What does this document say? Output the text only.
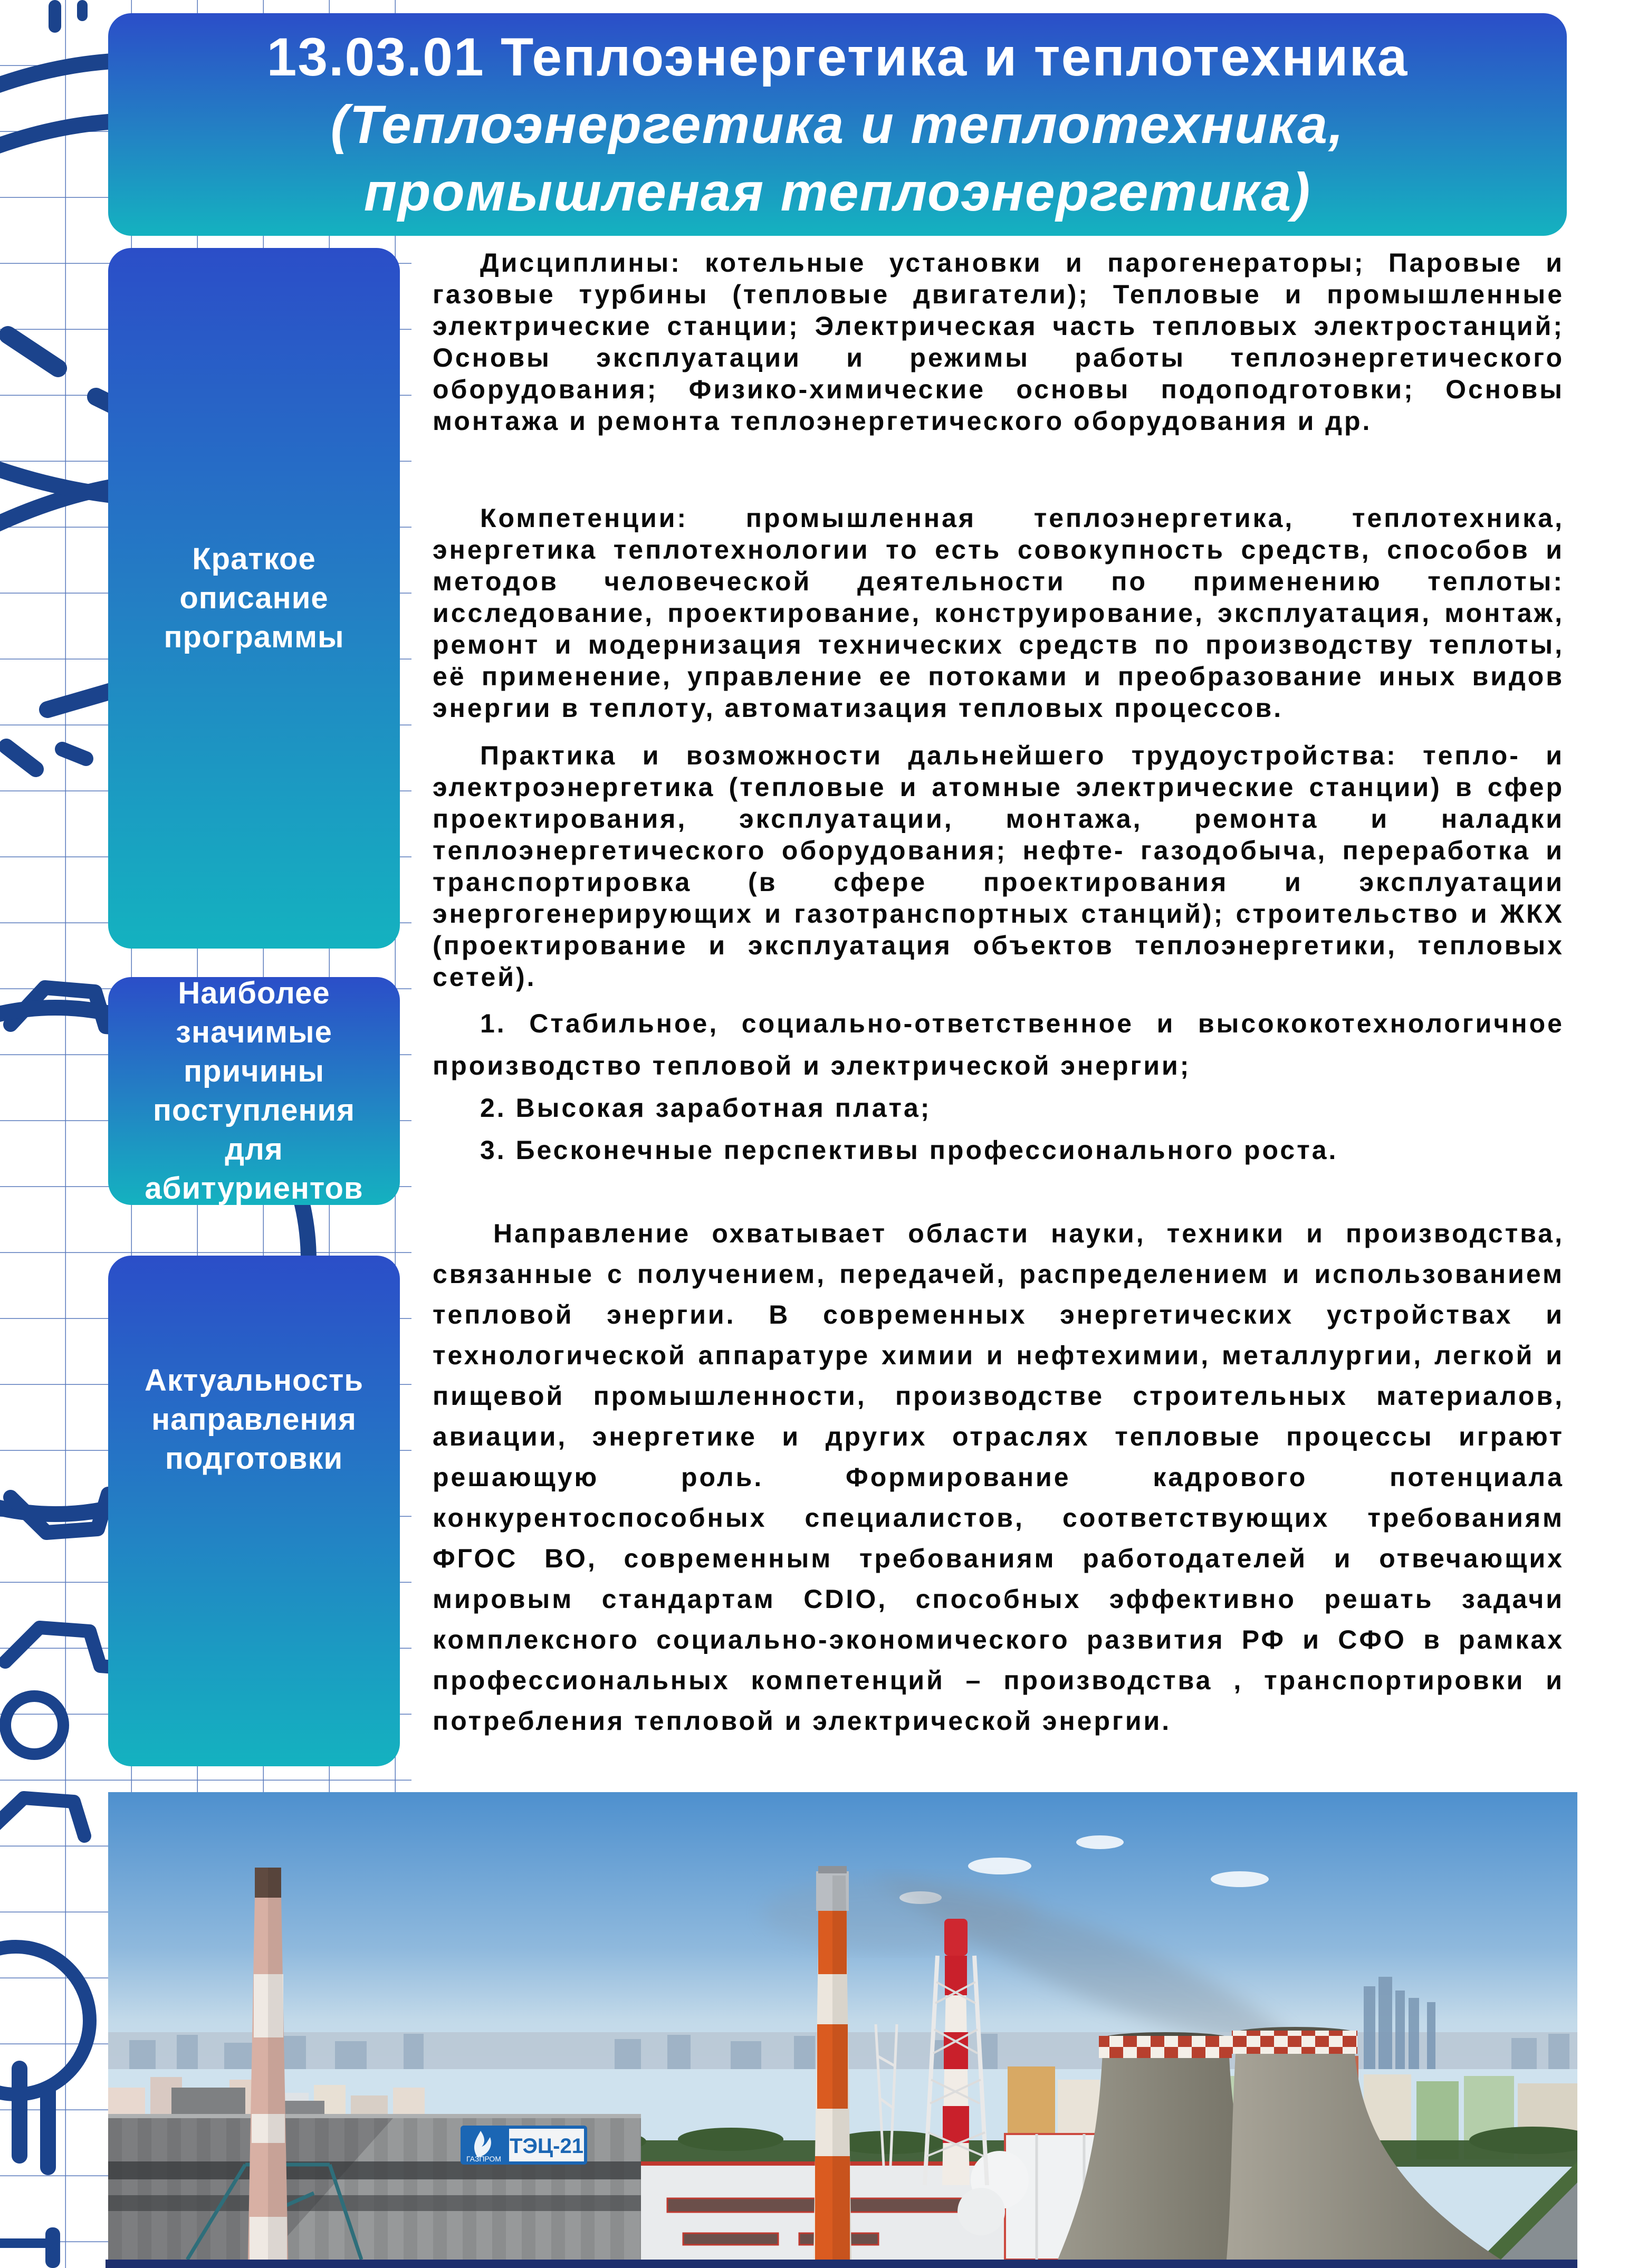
13.03.01 Теплоэнергетика и теплотехника
(Теплоэнергетика и теплотехника,
промышленая теплоэнергетика)
Краткое описание программы
Наиболее значимые причины поступления для абитуриентов
Актуальность направления подготовки

Дисциплины: котельные установки и парогенераторы; Паровые и газовые турбины (тепловые двигатели); Тепловые и промышленные электрические станции; Электрическая часть тепловых электростанций; Основы эксплуатации и режимы работы теплоэнергетического оборудования; Физико-химические основы подоподготовки; Основы монтажа и ремонта теплоэнергетического оборудования и др.

Компетенции: промышленная теплоэнергетика, теплотехника, энергетика теплотехнологии то есть совокупность средств, способов и методов человеческой деятельности по применению теплоты: исследование, проектирование, конструирование, эксплуатация, монтаж, ремонт и модернизация технических средств по производству теплоты, её применение, управление ее потоками и преобразование иных видов энергии в теплоту, автоматизация тепловых процессов.

Практика и возможности дальнейшего трудоустройства: тепло- и электроэнергетика (тепловые и атомные электрические станции) в сфер проектирования, эксплуатации, монтажа, ремонта и наладки теплоэнергетического оборудования; нефте- газодобыча, переработка и транспортировка (в сфере проектирования и эксплуатации энергогенерирующих и газотранспортных станций); строительство и ЖКХ (проектирование и эксплуатация объектов теплоэнергетики, тепловых сетей).

1. Стабильное, социально-ответственное и высококотехнологичное производство тепловой и электрической энергии;

2. Высокая заработная плата;

3. Бесконечные перспективы профессионального роста.

Направление охватывает области науки, техники и производства, связанные с получением, передачей, распределением и использованием тепловой энергии. В современных энергетических устройствах и технологической аппаратуре химии и нефтехимии, металлургии, легкой и пищевой промышленности, производстве строительных материалов, авиации, энергетике и других отраслях тепловые процессы играют решающую роль. Формирование кадрового потенциала конкурентоспособных специалистов, соответствующих требованиям ФГОС ВО, современным требованиям работодателей и отвечающих мировым стандартам CDIO, способных эффективно решать задачи комплексного социально-экономического развития РФ и СФО в рамках профессиональных компетенций – производства , транспортировки и потребления тепловой и электрической энергии.

ГАЗПРОМ
ТЭЦ-21
